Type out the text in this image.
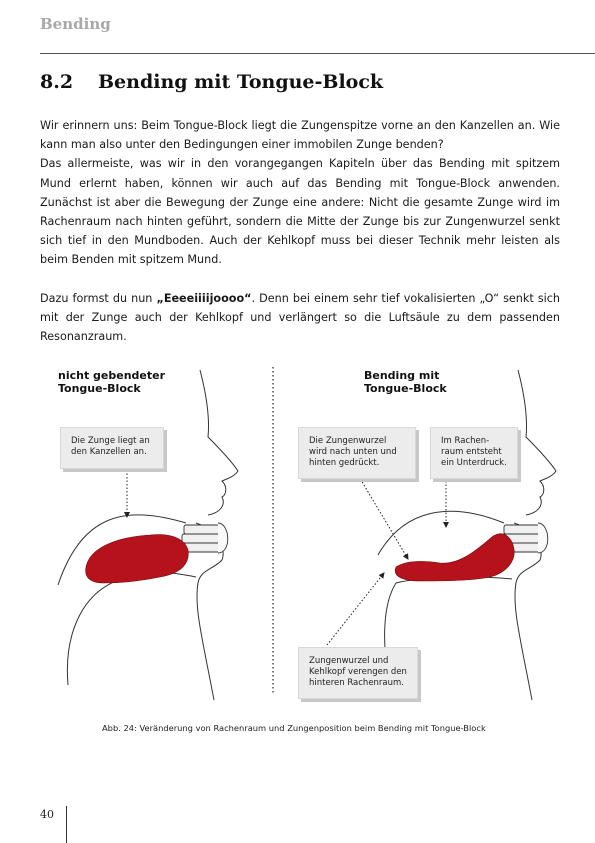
Bending
8.2 Bending mit Tongue-Block

Wir erinnern uns: Beim Tongue-Block liegt die Zungenspitze vorne an den Kanzellen an. Wie kann man also unter den Bedingungen einer immobilen Zunge benden?

Das allermeiste, was wir in den vorangegangen Kapiteln über das Bending mit spitzem Mund erlernt haben, können wir auch auf das Bending mit Tongue-Block anwenden. Zunächst ist aber die Bewegung der Zunge eine andere: Nicht die gesamte Zunge wird im Rachenraum nach hinten geführt, sondern die Mitte der Zunge bis zur Zungenwurzel senkt sich tief in den Mundboden. Auch der Kehlkopf muss bei dieser Technik mehr leisten als beim Benden mit spitzem Mund.

Dazu formst du nun „Eeeeiiiijoooo“. Denn bei einem sehr tief vokalisierten „O“ senkt sich mit der Zunge auch der Kehlkopf und verlängert so die Luftsäule zu dem passenden Resonanzraum.

nicht gebendeter
Tongue-Block
Bending mit
Tongue-Block
Die Zunge liegt an
den Kanzellen an.
Die Zungenwurzel
wird nach unten und
hinten gedrückt.
Im Rachen-
raum entsteht
ein Unterdruck.
Zungenwurzel und
Kehlkopf verengen den
hinteren Rachenraum.
Abb. 24: Veränderung von Rachenraum und Zungenposition beim Bending mit Tongue-Block
40
